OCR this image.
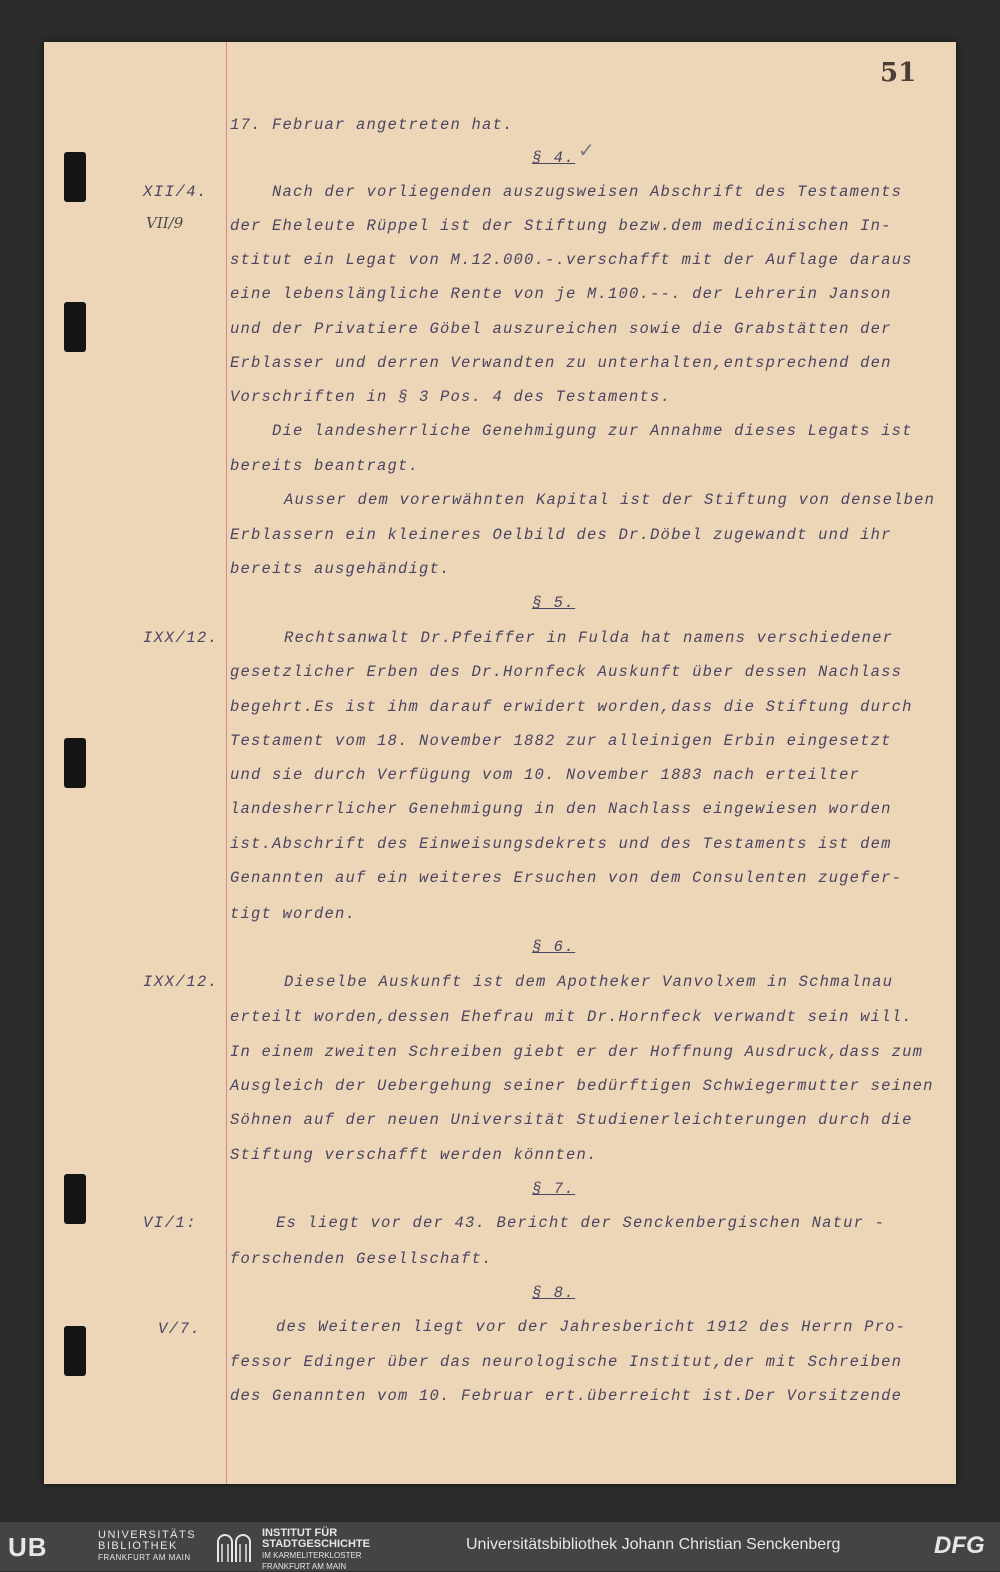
51
XII/4.
VII/9
IXX/12.
IXX/12.
VI/1:
V/7.
§ 4. ✓
§ 5.
§ 6.
§ 7.
§ 8.
17. Februar angetreten hat.
Nach der vorliegenden auszugsweisen Abschrift des Testaments
der Eheleute Rüppel ist der Stiftung bezw.dem medicinischen In-
stitut ein Legat von M.12.000.-.verschafft mit der Auflage daraus
eine lebenslängliche Rente von je M.100.--. der Lehrerin Janson
und der Privatiere Göbel auszureichen sowie die Grabstätten der
Erblasser und derren Verwandten zu unterhalten,entsprechend den
Vorschriften in § 3 Pos. 4 des Testaments.
Die landesherrliche Genehmigung zur Annahme dieses Legats ist
bereits beantragt.
Ausser dem vorerwähnten Kapital ist der Stiftung von denselben
Erblassern ein kleineres Oelbild des Dr.Döbel zugewandt und ihr
bereits ausgehändigt.
Rechtsanwalt Dr.Pfeiffer in Fulda hat namens verschiedener
gesetzlicher Erben des Dr.Hornfeck Auskunft über dessen Nachlass
begehrt.Es ist ihm darauf erwidert worden,dass die Stiftung durch
Testament vom 18. November 1882 zur alleinigen Erbin eingesetzt
und sie durch Verfügung vom 10. November 1883 nach erteilter
landesherrlicher Genehmigung in den Nachlass eingewiesen worden
ist.Abschrift des Einweisungsdekrets und des Testaments ist dem
Genannten auf ein weiteres Ersuchen von dem Consulenten zugefer-
tigt worden.
Dieselbe Auskunft ist dem Apotheker Vanvolxem in Schmalnau
erteilt worden,dessen Ehefrau mit Dr.Hornfeck verwandt sein will.
In einem zweiten Schreiben giebt er der Hoffnung Ausdruck,dass zum
Ausgleich der Uebergehung seiner bedürftigen Schwiegermutter seinen
Söhnen auf der neuen Universität Studienerleichterungen durch die
Stiftung verschafft werden könnten.
Es liegt vor der 43. Bericht der Senckenbergischen Natur -
forschenden Gesellschaft.
des Weiteren liegt vor der Jahresbericht 1912 des Herrn Pro-
fessor Edinger über das neurologische Institut,der mit Schreiben
des Genannten vom 10. Februar ert.überreicht ist.Der Vorsitzende
UB	UNIVERSITÄTS
BIBLIOTHEK
FRANKFURT AM MAIN
INSTITUT FÜR
STADTGESCHICHTE
IM KARMELITERKLOSTER
FRANKFURT AM MAIN
Universitätsbibliothek Johann Christian Senckenberg	DFG
